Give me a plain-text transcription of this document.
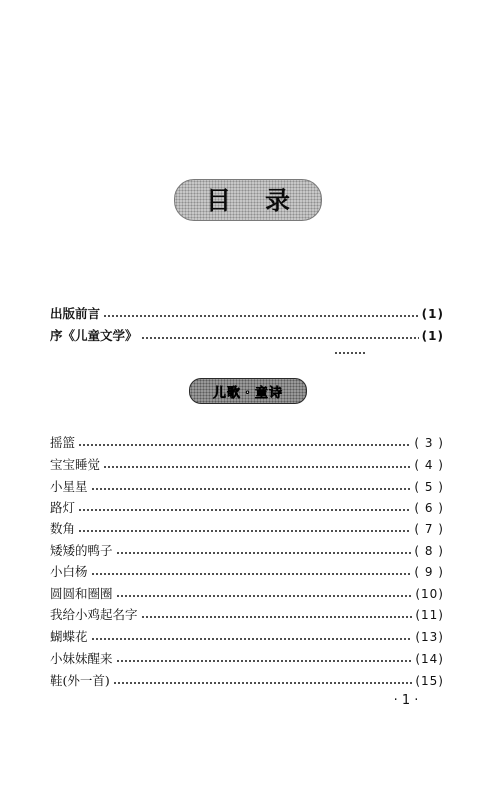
目 录
出版前言	(1)
序《儿童文学》	(1)
儿歌・童诗
摇篮	( 3 )
宝宝睡觉	( 4 )
小星星	( 5 )
路灯	( 6 )
数角	( 7 )
矮矮的鸭子	( 8 )
小白杨	( 9 )
圆圆和圈圈	(10)
我给小鸡起名字	(11)
蝴蝶花	(13)
小妹妹醒来	(14)
鞋(外一首)	(15)
· 1 ·
